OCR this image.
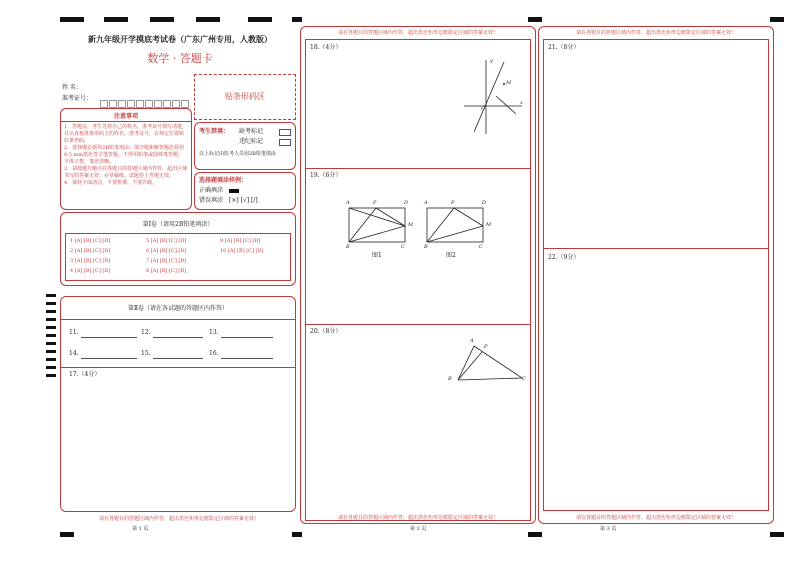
新九年级开学摸底考试卷（广东广州专用，人教版）
数学 · 答题卡
姓 名：
准考证号：	贴条形码区
注意事项
1．答题前，考生先将自己的姓名，准考证号填写清楚，并认真核准条形码上的姓名、准考证号，在规定位置贴好条形码。
2．选择题必须用2B铅笔填涂；填空题和解答题必须用0.5 mm黑色签字笔答题，不得用铅笔或圆珠笔答题；字体工整、笔迹清晰。
3．请按题号顺序在各题目的答题区域内作答，超出区域书写的答案无效；在草稿纸、试题卷上答题无效。
4．保持卡面清洁，不要折叠、不要弄破。
考生禁填： 缺考标记
违纪标记
以上标记由监考人员用2B铅笔填涂
选择题填涂样例：
正确填涂
错误填涂 [×] [√] [/]
第Ⅰ卷（请用2B铅笔填涂）
1 [A] [B] [C] [D]
2 [A] [B] [C] [D]
3 [A] [B] [C] [D]
4 [A] [B] [C] [D]
5 [A] [B] [C] [D]
6 [A] [B] [C] [D]
7 [A] [B] [C] [D]
8 [A] [B] [C] [D]
9 [A] [B] [C] [D]
10 [A] [B] [C] [D]
第Ⅱ卷（请在各试题的答题区内作答）
11.	12.	13.
14.	15.	16.
17.（4分）
请在各题目的答题区域内作答，超出黑色矩形边框限定区域的答案无效！
第 1 页
请在各题目的答题区域内作答，超出黑色矩形边框限定区域的答案无效！
18.（4分）
y
x
O
M
19.（6分）
A	P	D
M
B	C
A	P	D
M
B	C
图1	图2
20.（8分）
A
P
B	C
请在各题目的答题区域内作答，超出黑色矩形边框限定区域的答案无效！
第 2 页
请在各题目的答题区域内作答，超出黑色矩形边框限定区域的答案无效！
21.（8分）
22.（9分）
请在各题目的答题区域内作答，超出黑色矩形边框限定区域的答案无效！
第 3 页
